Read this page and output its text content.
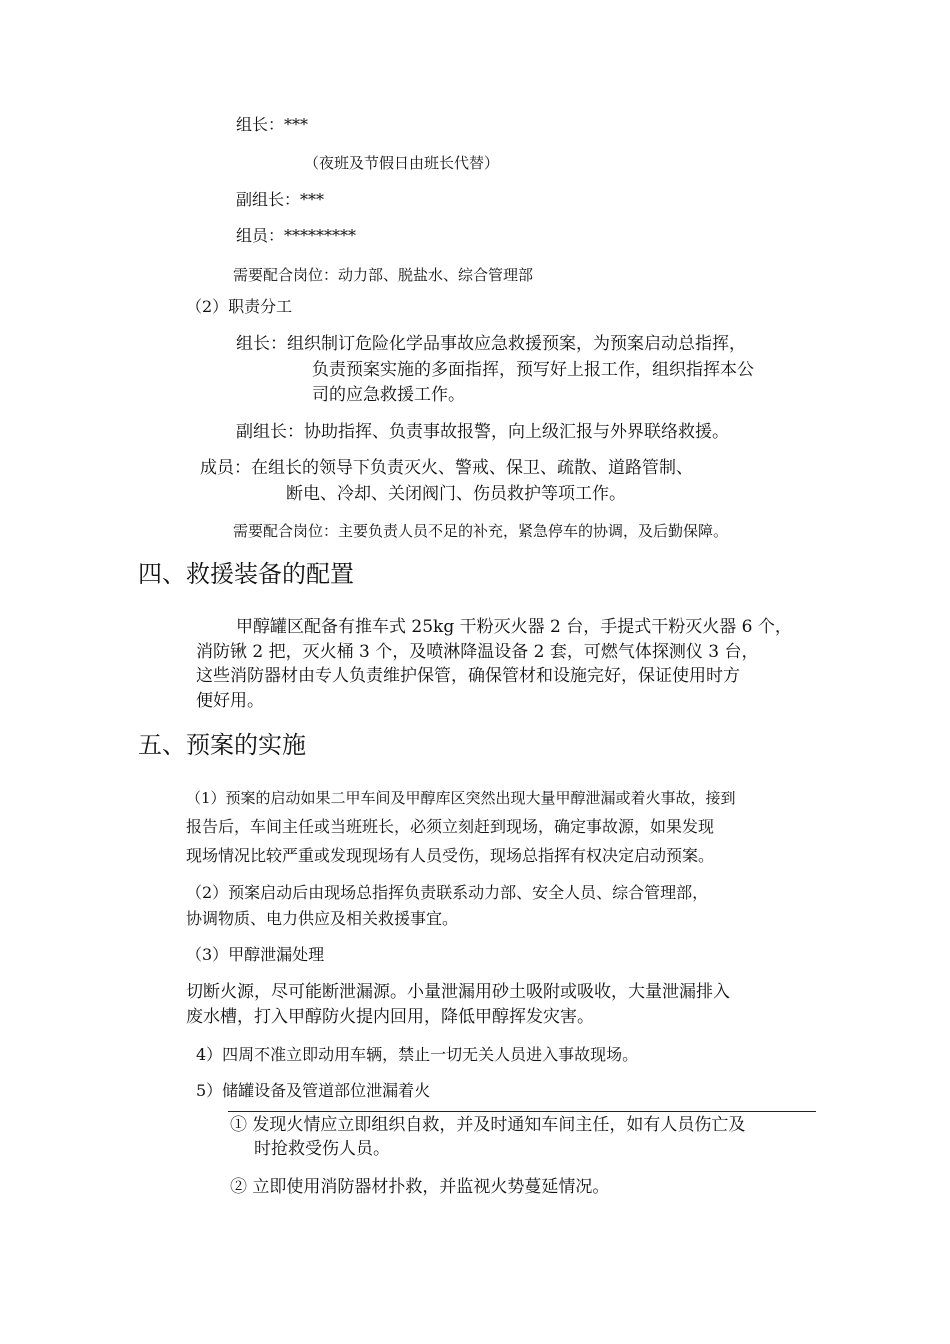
组长：***
（夜班及节假日由班长代替）
副组长：***
组员：*********
需要配合岗位：动力部、脱盐水、综合管理部
（2）职责分工
组长：组织制订危险化学品事故应急救援预案，为预案启动总指挥，
负责预案实施的多面指挥，预写好上报工作，组织指挥本公
司的应急救援工作。
副组长：协助指挥、负责事故报警，向上级汇报与外界联络救援。
成员：在组长的领导下负责灭火、警戒、保卫、疏散、道路管制、
断电、冷却、关闭阀门、伤员救护等项工作。
需要配合岗位：主要负责人员不足的补充，紧急停车的协调，及后勤保障。
四、救援装备的配置
甲醇罐区配备有推车式 25kg 干粉灭火器 2 台，手提式干粉灭火器 6 个，
消防锹 2 把，灭火桶 3 个，及喷淋降温设备 2 套，可燃气体探测仪 3 台，
这些消防器材由专人负责维护保管，确保管材和设施完好，保证使用时方
便好用。
五、预案的实施
（1）预案的启动如果二甲车间及甲醇库区突然出现大量甲醇泄漏或着火事故，接到
报告后，车间主任或当班班长，必须立刻赶到现场，确定事故源，如果发现
现场情况比较严重或发现现场有人员受伤，现场总指挥有权决定启动预案。
（2）预案启动后由现场总指挥负责联系动力部、安全人员、综合管理部，
协调物质、电力供应及相关救援事宜。
（3）甲醇泄漏处理
切断火源，尽可能断泄漏源。小量泄漏用砂土吸附或吸收，大量泄漏排入
废水槽，打入甲醇防火提内回用，降低甲醇挥发灾害。
4）四周不准立即动用车辆，禁止一切无关人员进入事故现场。
5）储罐设备及管道部位泄漏着火
① 发现火情应立即组织自救，并及时通知车间主任，如有人员伤亡及
时抢救受伤人员。
② 立即使用消防器材扑救，并监视火势蔓延情况。
